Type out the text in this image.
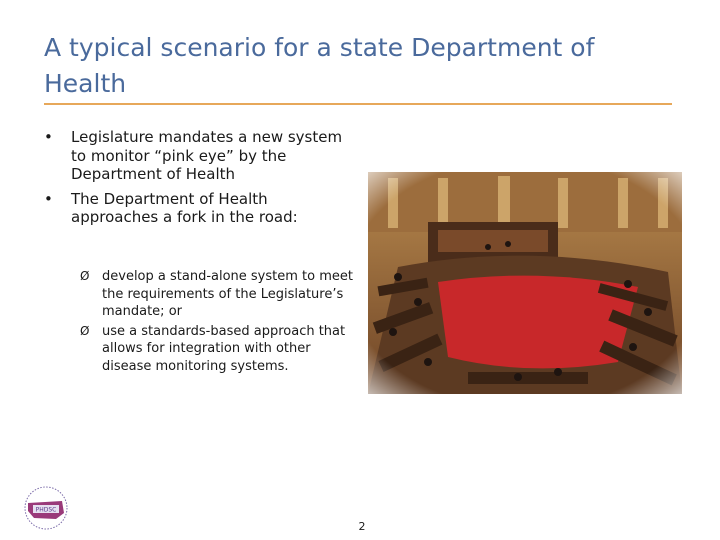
A typical scenario for a state Department of Health
• Legislature mandates a new system to monitor “pink eye” by the Department of Health
• The Department of Health approaches a fork in the road:
Ø develop a stand-alone system to meet the requirements of the Legislature’s mandate; or
Ø use a standards-based approach that allows for integration with other disease monitoring systems.
PHDSC
2
